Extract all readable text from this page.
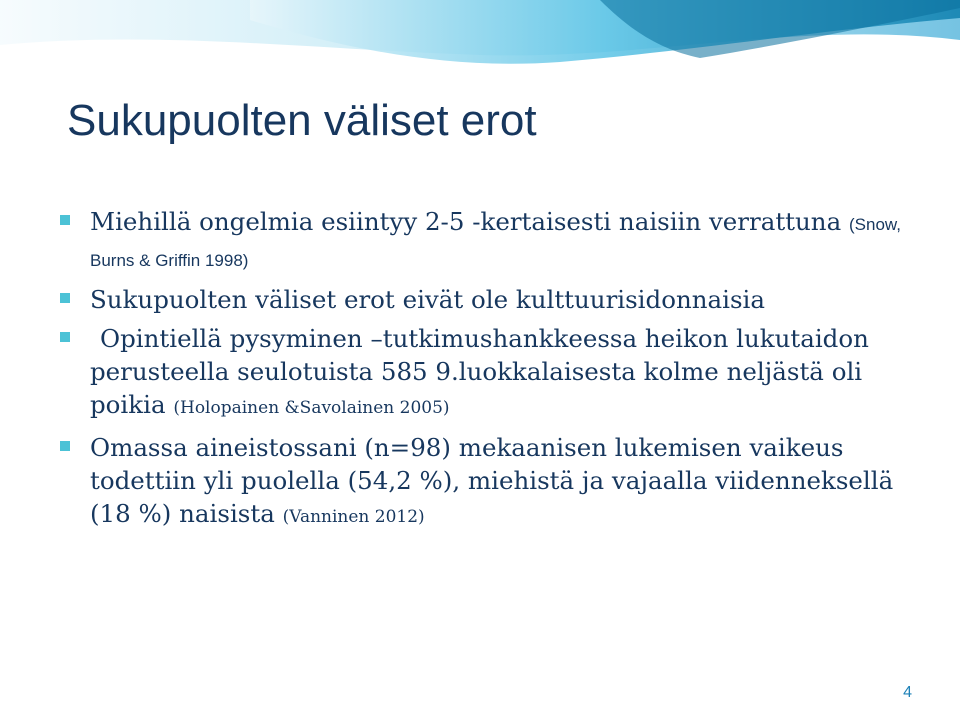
Sukupuolten väliset erot
Miehillä ongelmia esiintyy 2-5 -kertaisesti naisiin verrattuna (Snow, Burns & Griffin 1998)
Sukupuolten väliset erot eivät ole kulttuurisidonnaisia
Opintiellä pysyminen –tutkimushankkeessa heikon lukutaidon perusteella seulotuista 585 9.luokkalaisesta kolme neljästä oli poikia (Holopainen &Savolainen 2005)
Omassa aineistossani (n=98) mekaanisen lukemisen vaikeus todettiin yli puolella (54,2 %), miehistä ja vajaalla viidenneksellä (18 %) naisista (Vanninen 2012)
4
